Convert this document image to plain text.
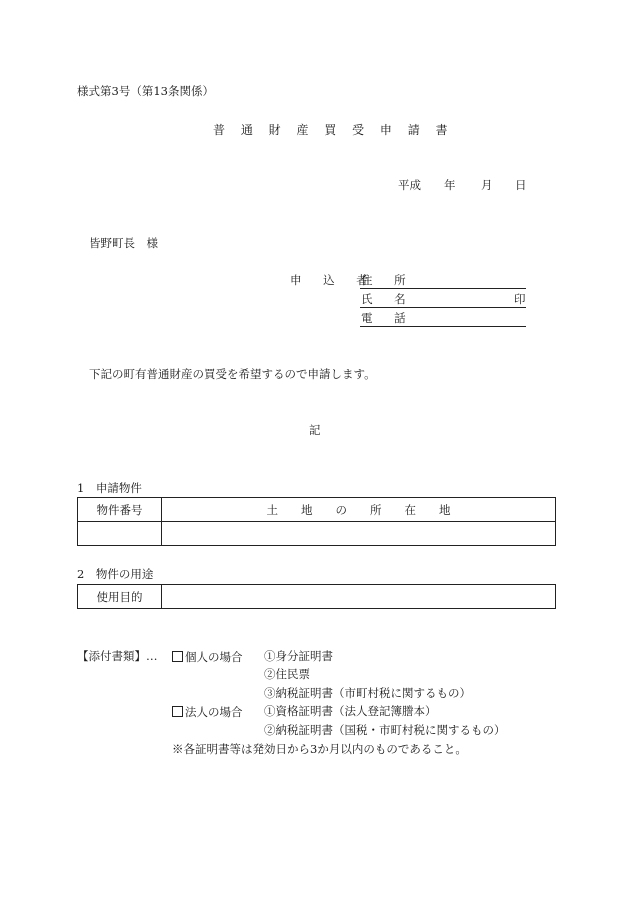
様式第3号（第13条関係）
普 通 財 産 買 受 申 請 書
平成 年 月 日
皆野町長　様
申 込 者
住 所
氏 名	印
電 話
下記の町有普通財産の買受を希望するので申請します。
記
1　申請物件
物件番号	土　　地　　の　　所　　在　　地

2　物件の用途
使用目的	
【添付書類】…	個人の場合 ①身分証明書
②住民票
③納税証明書（市町村税に関するもの）
法人の場合 ①資格証明書（法人登記簿謄本）
②納税証明書（国税・市町村税に関するもの）
※各証明書等は発効日から3か月以内のものであること。
